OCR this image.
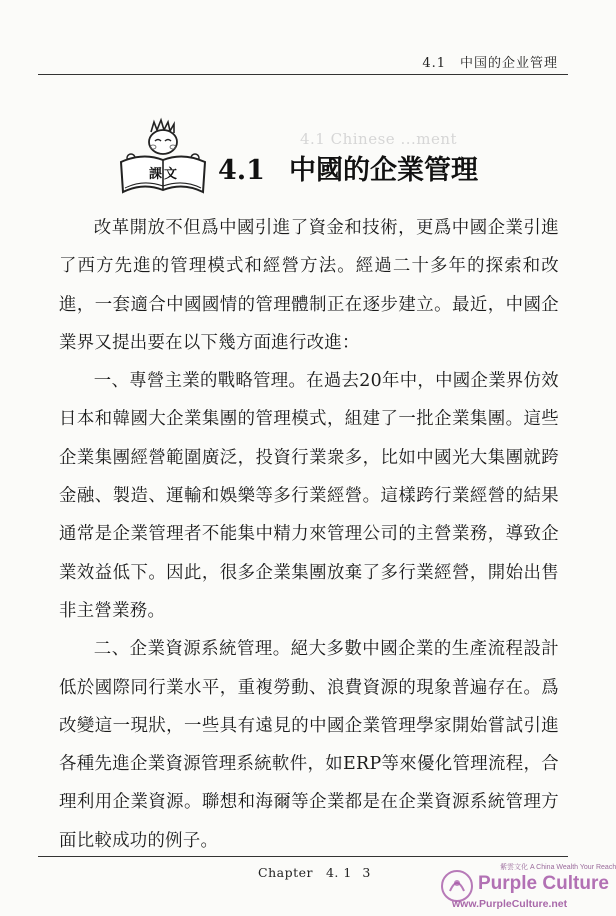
4.1　中国的企业管理
4.1 Chinese ...ment
課文	4.1 中國的企業管理

改革開放不但爲中國引進了資金和技術，更爲中國企業引進了西方先進的管理模式和經營方法。經過二十多年的探索和改進，一套適合中國國情的管理體制正在逐步建立。最近，中國企業界又提出要在以下幾方面進行改進：

一、專營主業的戰略管理。在過去20年中，中國企業界仿效日本和韓國大企業集團的管理模式，組建了一批企業集團。這些企業集團經營範圍廣泛，投資行業衆多，比如中國光大集團就跨金融、製造、運輸和娛樂等多行業經營。這樣跨行業經營的結果通常是企業管理者不能集中精力來管理公司的主營業務，導致企業效益低下。因此，很多企業集團放棄了多行業經營，開始出售非主營業務。

二、企業資源系統管理。絕大多數中國企業的生產流程設計低於國際同行業水平，重複勞動、浪費資源的現象普遍存在。爲改變這一現狀，一些具有遠見的中國企業管理學家開始嘗試引進各種先進企業資源管理系統軟件，如ERP等來優化管理流程，合理利用企業資源。聯想和海爾等企業都是在企業資源系統管理方面比較成功的例子。

Chapter　4. 1 3	紫雲文化 A China Wealth Your Reach
Purple Culture
www.PurpleCulture.net
